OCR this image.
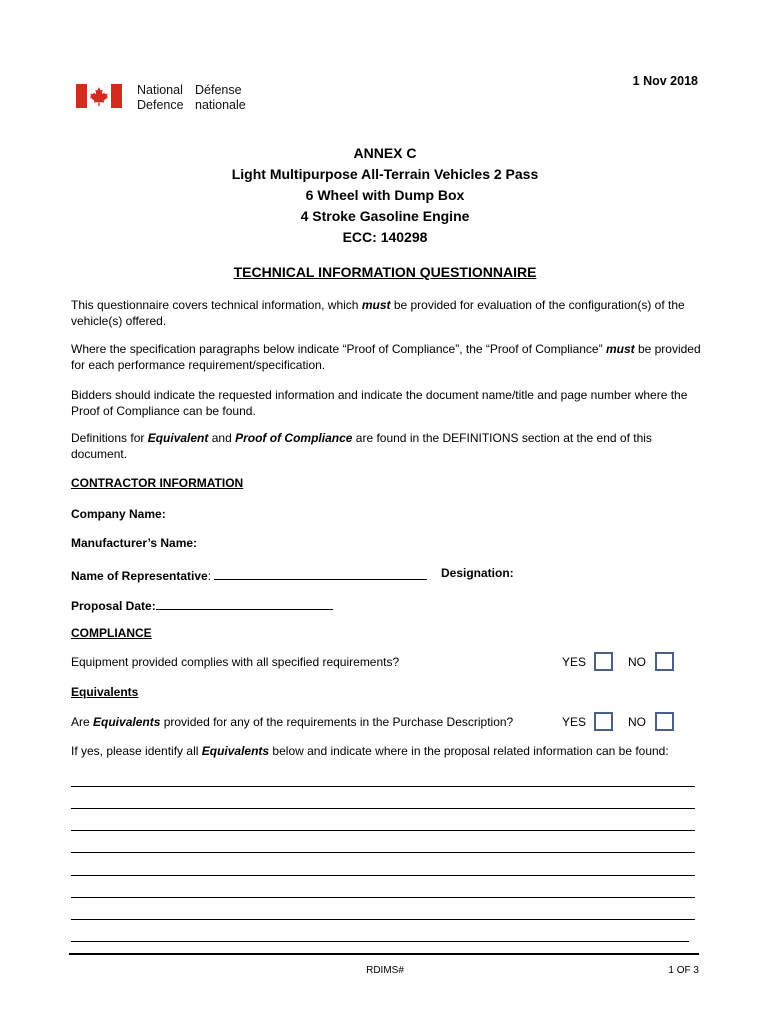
National
Defence
Défense
nationale
1 Nov 2018
ANNEX C
Light Multipurpose All-Terrain Vehicles 2 Pass
6 Wheel with Dump Box
4 Stroke Gasoline Engine
ECC: 140298
TECHNICAL INFORMATION QUESTIONNAIRE
This questionnaire covers technical information, which must be provided for evaluation of the configuration(s) of the vehicle(s) offered.
Where the specification paragraphs below indicate “Proof of Compliance”, the “Proof of Compliance” must be provided for each performance requirement/specification.
Bidders should indicate the requested information and indicate the document name/title and page number where the Proof of Compliance can be found.
Definitions for Equivalent and Proof of Compliance are found in the DEFINITIONS section at the end of this document.
CONTRACTOR INFORMATION
Company Name:
Manufacturer’s Name:
Name of Representative:	Designation:
Proposal Date:
COMPLIANCE
Equipment provided complies with all specified requirements?	YES	NO
Equivalents
Are Equivalents provided for any of the requirements in the Purchase Description?	YES	NO
If yes, please identify all Equivalents below and indicate where in the proposal related information can be found:
RDIMS#	1 OF 3
